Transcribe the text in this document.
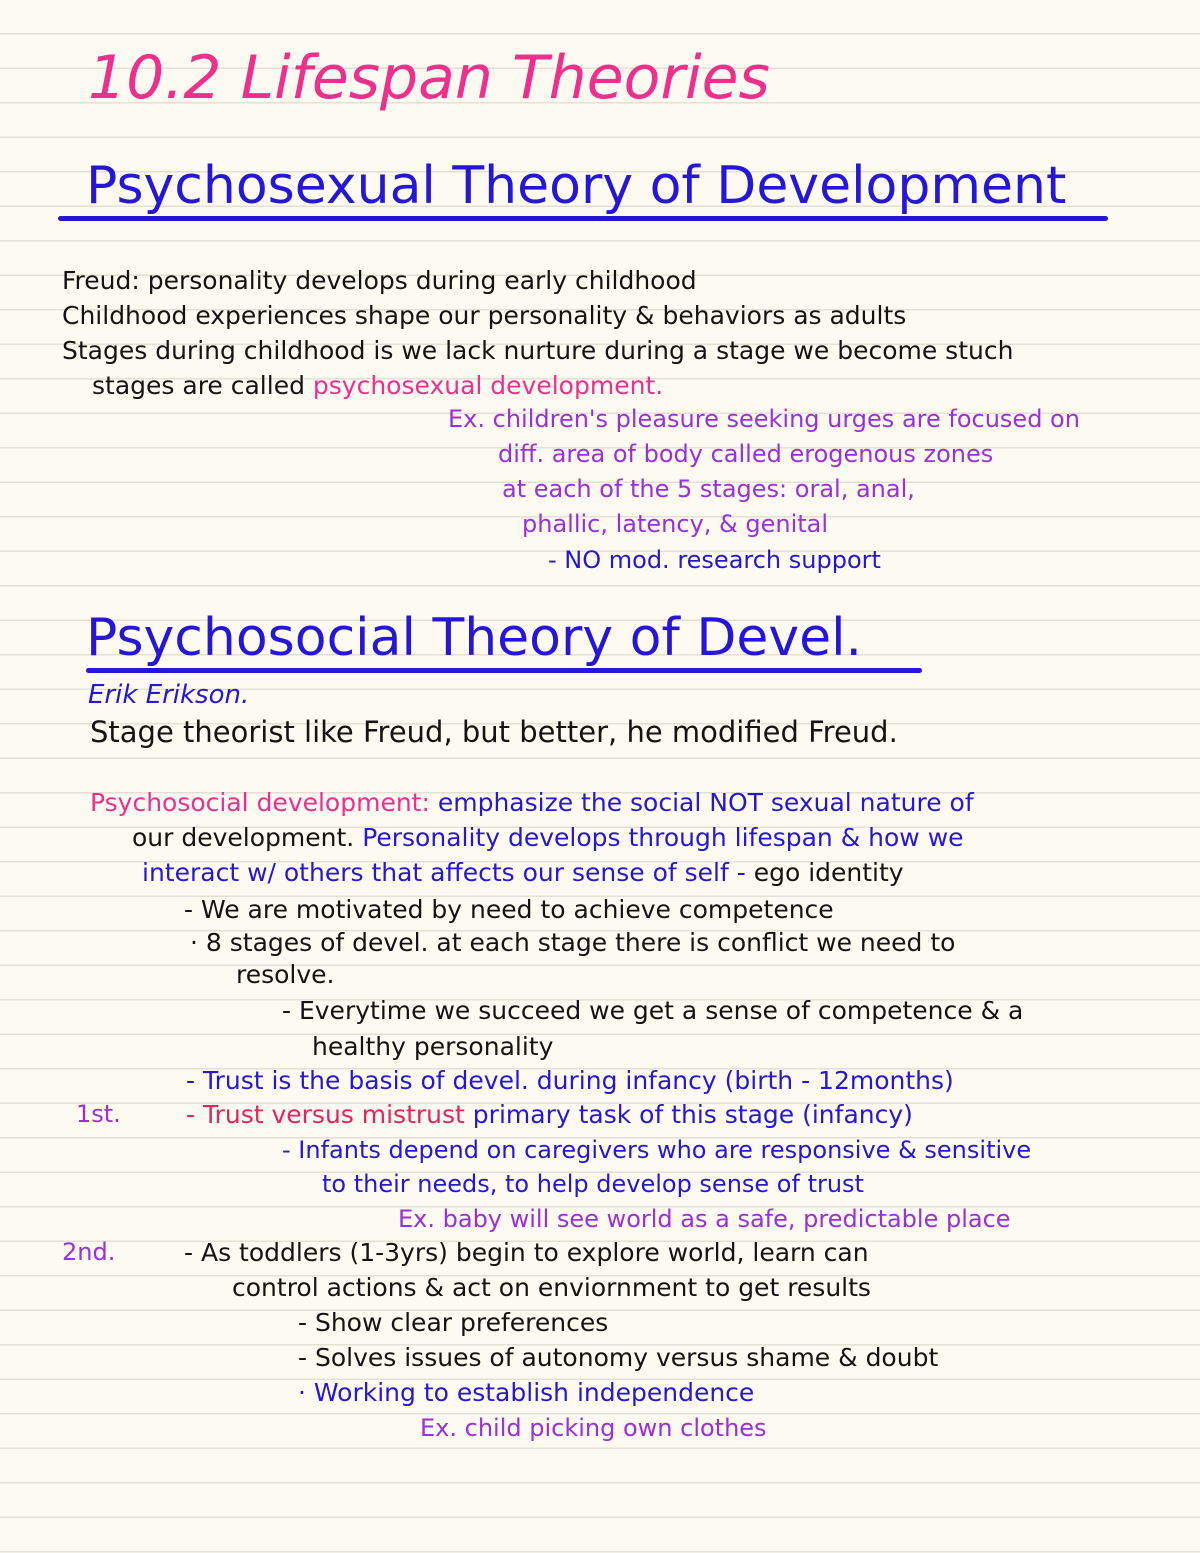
10.2 Lifespan Theories
Psychosexual Theory of Development
Freud: personality develops during early childhood
Childhood experiences shape our personality & behaviors as adults
Stages during childhood is we lack nurture during a stage we become stuch
stages are called psychosexual development.
Ex. children's pleasure seeking urges are focused on
diff. area of body called erogenous zones
at each of the 5 stages: oral, anal,
phallic, latency, & genital
- NO mod. research support
Psychosocial Theory of Devel.
Erik Erikson.
Stage theorist like Freud, but better, he modified Freud.
Psychosocial development: emphasize the social NOT sexual nature of
our development. Personality develops through lifespan & how we
interact w/ others that affects our sense of self - ego identity
- We are motivated by need to achieve competence
· 8 stages of devel. at each stage there is conflict we need to
resolve.
- Everytime we succeed we get a sense of competence & a
healthy personality
- Trust is the basis of devel. during infancy (birth - 12months)
1st.	- Trust versus mistrust primary task of this stage (infancy)
- Infants depend on caregivers who are responsive & sensitive
to their needs, to help develop sense of trust
Ex. baby will see world as a safe, predictable place
2nd.	- As toddlers (1-3yrs) begin to explore world, learn can
control actions & act on enviornment to get results
- Show clear preferences
- Solves issues of autonomy versus shame & doubt
· Working to establish independence
Ex. child picking own clothes
